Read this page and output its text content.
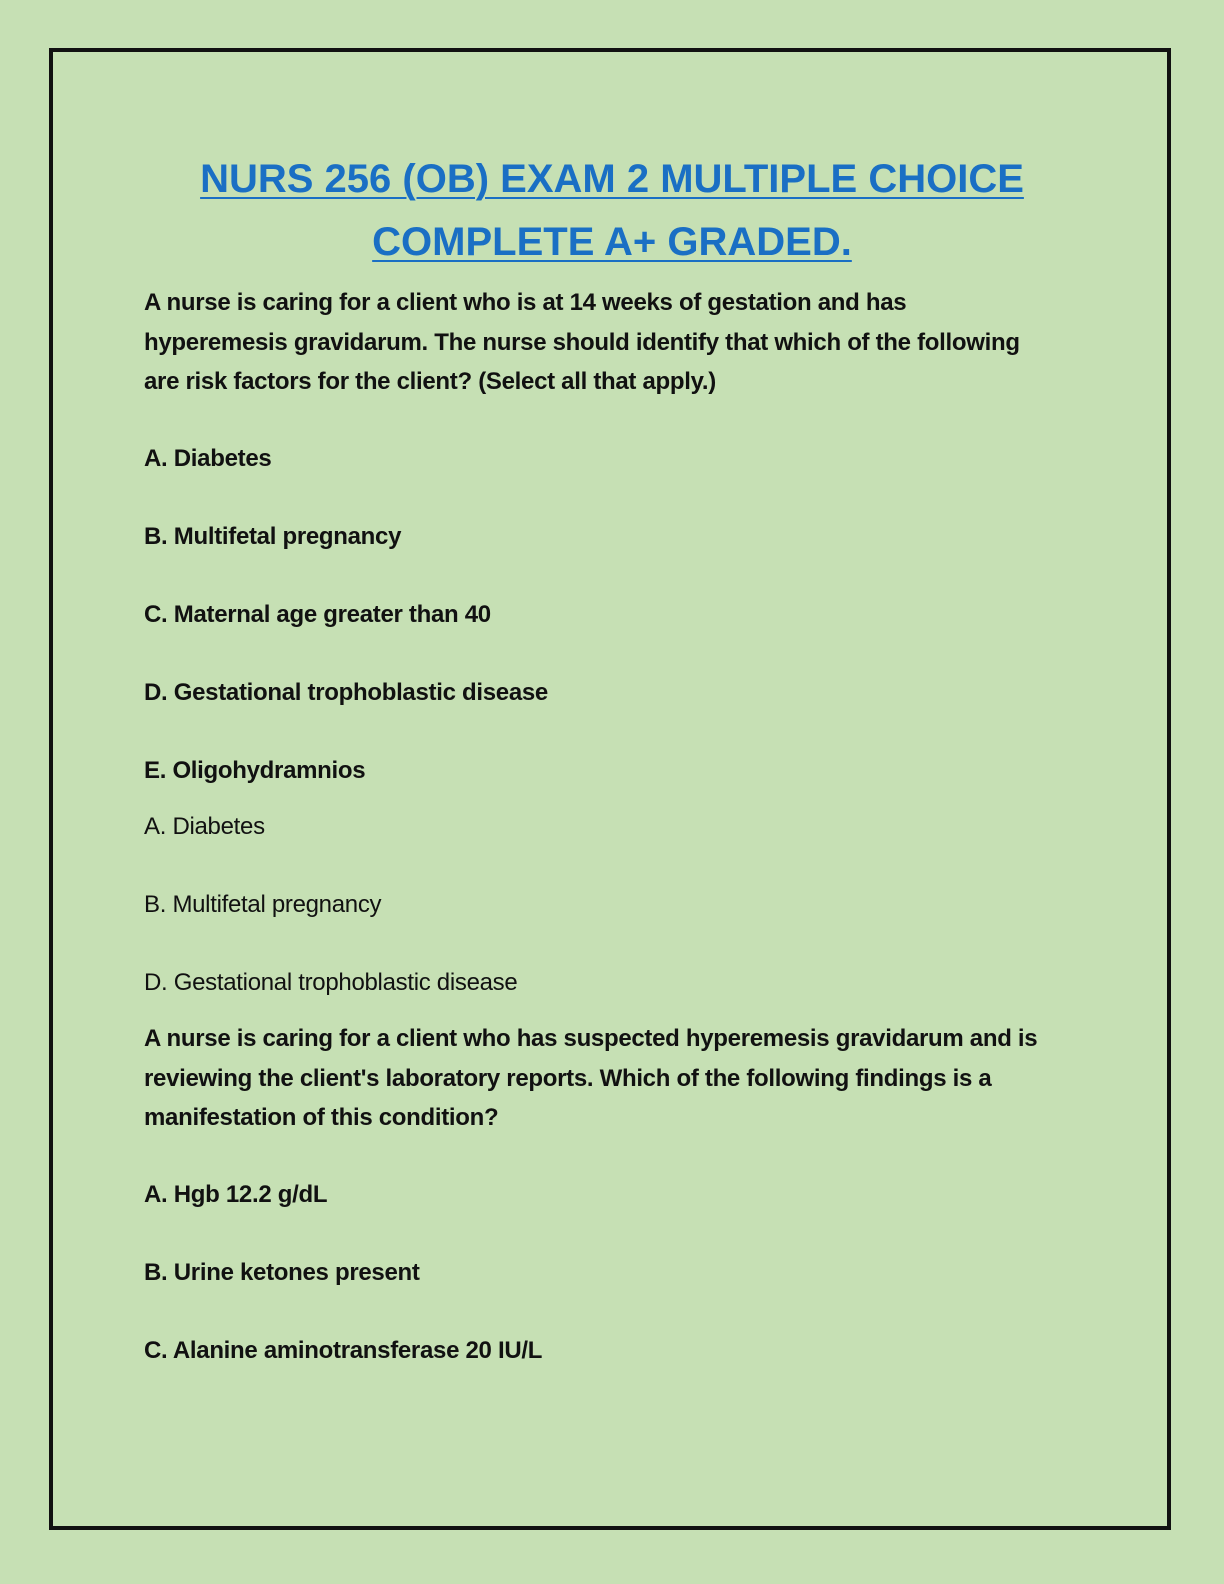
NURS 256 (OB) EXAM 2 MULTIPLE CHOICE
COMPLETE A+ GRADED.

A nurse is caring for a client who is at 14 weeks of gestation and has hyperemesis gravidarum. The nurse should identify that which of the following are risk factors for the client? (Select all that apply.)

A. Diabetes
B. Multifetal pregnancy
C. Maternal age greater than 40
D. Gestational trophoblastic disease
E. Oligohydramnios
A. Diabetes
B. Multifetal pregnancy
D. Gestational trophoblastic disease

A nurse is caring for a client who has suspected hyperemesis gravidarum and is reviewing the client's laboratory reports. Which of the following findings is a manifestation of this condition?

A. Hgb 12.2 g/dL
B. Urine ketones present
C. Alanine aminotransferase 20 IU/L
